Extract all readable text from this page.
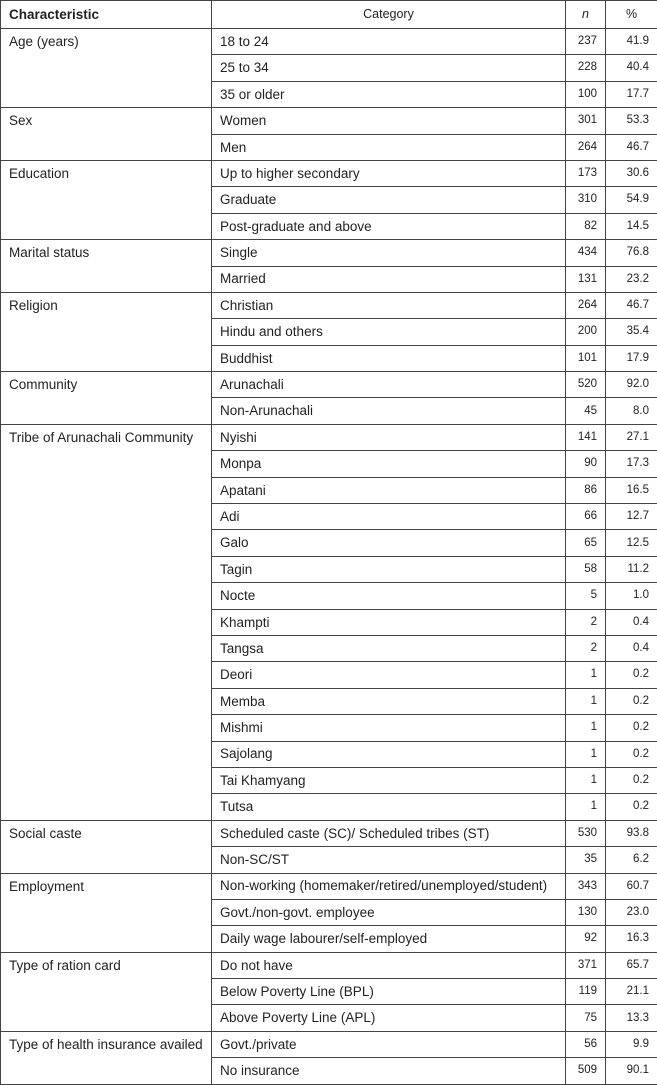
Characteristic	Category	n	%
Age (years)	18 to 24	237	41.9
	25 to 34	228	40.4
	35 or older	100	17.7
Sex	Women	301	53.3
	Men	264	46.7
Education	Up to higher secondary	173	30.6
	Graduate	310	54.9
	Post-graduate and above	82	14.5
Marital status	Single	434	76.8
	Married	131	23.2
Religion	Christian	264	46.7
	Hindu and others	200	35.4
	Buddhist	101	17.9
Community	Arunachali	520	92.0
	Non-Arunachali	45	8.0
Tribe of Arunachali Community	Nyishi	141	27.1
	Monpa	90	17.3
	Apatani	86	16.5
	Adi	66	12.7
	Galo	65	12.5
	Tagin	58	11.2
	Nocte	5	1.0
	Khampti	2	0.4
	Tangsa	2	0.4
	Deori	1	0.2
	Memba	1	0.2
	Mishmi	1	0.2
	Sajolang	1	0.2
	Tai Khamyang	1	0.2
	Tutsa	1	0.2
Social caste	Scheduled caste (SC)/ Scheduled tribes (ST)	530	93.8
	Non-SC/ST	35	6.2
Employment	Non-working (homemaker/retired/unemployed/student)	343	60.7
	Govt./non-govt. employee	130	23.0
	Daily wage labourer/self-employed	92	16.3
Type of ration card	Do not have	371	65.7
	Below Poverty Line (BPL)	119	21.1
	Above Poverty Line (APL)	75	13.3
Type of health insurance availed	Govt./private	56	9.9
	No insurance	509	90.1
